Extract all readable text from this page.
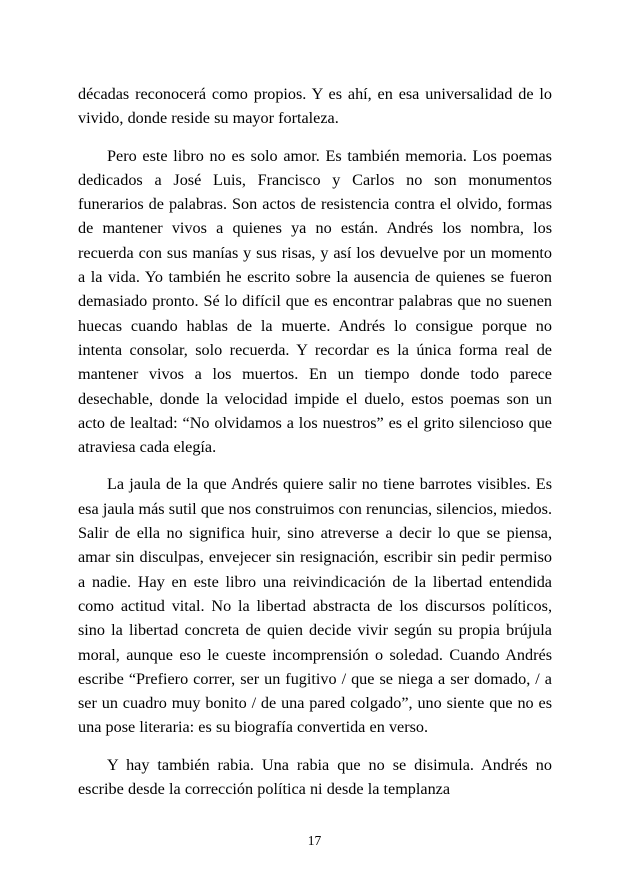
décadas reconocerá como propios. Y es ahí, en esa universalidad de lo vivido, donde reside su mayor fortaleza.

Pero este libro no es solo amor. Es también memoria. Los poemas dedicados a José Luis, Francisco y Carlos no son monumentos funerarios de palabras. Son actos de resistencia contra el olvido, formas de mantener vivos a quienes ya no están. Andrés los nombra, los recuerda con sus manías y sus risas, y así los devuelve por un momento a la vida. Yo también he escrito sobre la ausencia de quienes se fueron demasiado pronto. Sé lo difícil que es encontrar palabras que no suenen huecas cuando hablas de la muerte. Andrés lo consigue porque no intenta consolar, solo recuerda. Y recordar es la única forma real de mantener vivos a los muertos. En un tiempo donde todo parece desechable, donde la velocidad impide el duelo, estos poemas son un acto de lealtad: “No olvidamos a los nuestros” es el grito silencioso que atraviesa cada elegía.

La jaula de la que Andrés quiere salir no tiene barrotes visibles. Es esa jaula más sutil que nos construimos con renuncias, silencios, miedos. Salir de ella no significa huir, sino atreverse a decir lo que se piensa, amar sin disculpas, envejecer sin resignación, escribir sin pedir permiso a nadie. Hay en este libro una reivindicación de la libertad entendida como actitud vital. No la libertad abstracta de los discursos políticos, sino la libertad concreta de quien decide vivir según su propia brújula moral, aunque eso le cueste incomprensión o soledad. Cuando Andrés escribe “Prefiero correr, ser un fugitivo / que se niega a ser domado, / a ser un cuadro muy bonito / de una pared colgado”, uno siente que no es una pose literaria: es su biografía convertida en verso.

Y hay también rabia. Una rabia que no se disimula. Andrés no escribe desde la corrección política ni desde la templanza

17
